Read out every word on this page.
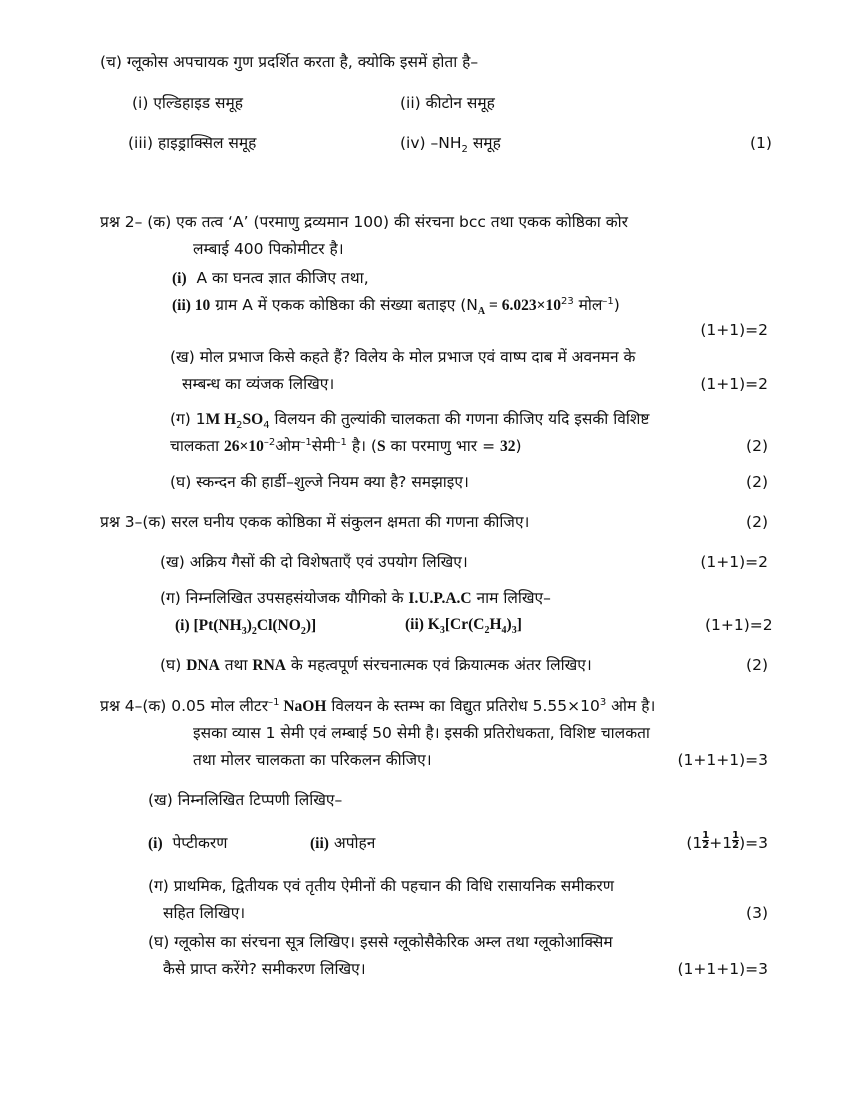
(च) ग्लूकोस अपचायक गुण प्रदर्शित करता है, क्योकि इसमें होता है–
(i) एल्डिहाइड समूह	(ii) कीटोन समूह
(iii) हाइड्राक्सिल समूह	(iv) $-NH_2$ समूह	(1)
प्रश्न 2– (क) एक तत्व ‘A’ (परमाणु द्रव्यमान 100) की संरचना bcc तथा एकक कोष्ठिका कोर
लम्बाई 400 पिकोमीटर है।
(i) A का घनत्व ज्ञात कीजिए तथा,
(ii) 10 ग्राम A में एकक कोष्ठिका की संख्या बताइए ($N_A = 6.023\times 10^{23}$ मोल$^{-1}$)
(1+1)=2
(ख) मोल प्रभाज किसे कहते हैं? विलेय के मोल प्रभाज एवं वाष्प दाब में अवनमन के
सम्बन्ध का व्यंजक लिखिए।	(1+1)=2
(ग) 1M $H_2SO_4$ विलयन की तुल्यांकी चालकता की गणना कीजिए यदि इसकी विशिष्ट
चालकता $26\times 10^{-2}ओम^{-1}सेमी^{-1}$ है। (S का परमाणु भार = 32)	(2)
(घ) स्कन्दन की हार्डी–शुल्जे नियम क्या है? समझाइए।	(2)
प्रश्न 3–(क) सरल घनीय एकक कोष्ठिका में संकुलन क्षमता की गणना कीजिए।	(2)
(ख) अक्रिय गैसों की दो विशेषताएँ एवं उपयोग लिखिए।	(1+1)=2
(ग) निम्नलिखित उपसहसंयोजक यौगिको के I.U.P.A.C नाम लिखिए–
(i) $[Pt(NH_3)_2Cl(NO_2)]$	(ii) $K_3[Cr(C_2H_4)_3]$	(1+1)=2
(घ) DNA तथा RNA के महत्वपूर्ण संरचनात्मक एवं क्रियात्मक अंतर लिखिए।	(2)
प्रश्न 4–(क) 0.05 मोल लीटर$^{-1}$ NaOH विलयन के स्तम्भ का विद्युत प्रतिरोध $5.55\times 10^3$ ओम है।
इसका व्यास 1 सेमी एवं लम्बाई 50 सेमी है। इसकी प्रतिरोधकता, विशिष्ट चालकता
तथा मोलर चालकता का परिकलन कीजिए।	(1+1+1)=3
(ख) निम्नलिखित टिप्पणी लिखिए–
(i) पेप्टीकरण	(ii) अपोहन	$(1 \frac{1}{2} +1 \frac{1}{2} )=3$
(ग) प्राथमिक, द्वितीयक एवं तृतीय ऐमीनों की पहचान की विधि रासायनिक समीकरण
सहित लिखिए।	(3)
(घ) ग्लूकोस का संरचना सूत्र लिखिए। इससे ग्लूकोसैकेरिक अम्ल तथा ग्लूकोआक्सिम
कैसे प्राप्त करेंगे? समीकरण लिखिए।	(1+1+1)=3
